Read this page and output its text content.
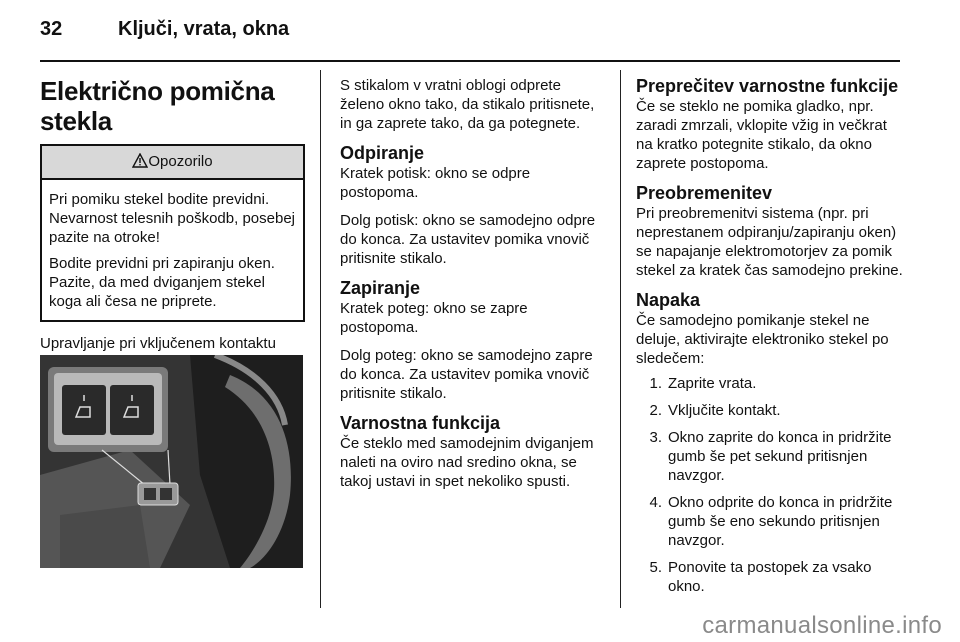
32	Ključi, vrata, okna
Električno pomična stekla
Opozorilo

Pri pomiku stekel bodite previdni. Nevarnost telesnih poškodb, posebej pazite na otroke!

Bodite previdni pri zapiranju oken. Pazite, da med dviganjem stekel koga ali česa ne priprete.

Upravljanje pri vključenem kontaktu

S stikalom v vratni oblogi odprete želeno okno tako, da stikalo pritisnete, in ga zaprete tako, da ga potegnete.

Odpiranje

Kratek potisk: okno se odpre postopoma.

Dolg potisk: okno se samodejno odpre do konca. Za ustavitev pomika vnovič pritisnite stikalo.

Zapiranje

Kratek poteg: okno se zapre postopoma.

Dolg poteg: okno se samodejno zapre do konca. Za ustavitev pomika vnovič pritisnite stikalo.

Varnostna funkcija

Če steklo med samodejnim dviganjem naleti na oviro nad sredino okna, se takoj ustavi in spet nekoliko spusti.

Preprečitev varnostne funkcije

Če se steklo ne pomika gladko, npr. zaradi zmrzali, vklopite vžig in večkrat na kratko potegnite stikalo, da okno zaprete postopoma.

Preobremenitev

Pri preobremenitvi sistema (npr. pri neprestanem odpiranju/zapiranju oken) se napajanje elektromotorjev za pomik stekel za kratek čas samodejno prekine.

Napaka

Če samodejno pomikanje stekel ne deluje, aktivirajte elektroniko stekel po sledečem:

1. Zaprite vrata.
2. Vključite kontakt.
3. Okno zaprite do konca in pridržite gumb še pet sekund pritisnjen navzgor.
4. Okno odprite do konca in pridržite gumb še eno sekundo pritisnjen navzgor.
5. Ponovite ta postopek za vsako okno.
carmanualsonline.info
